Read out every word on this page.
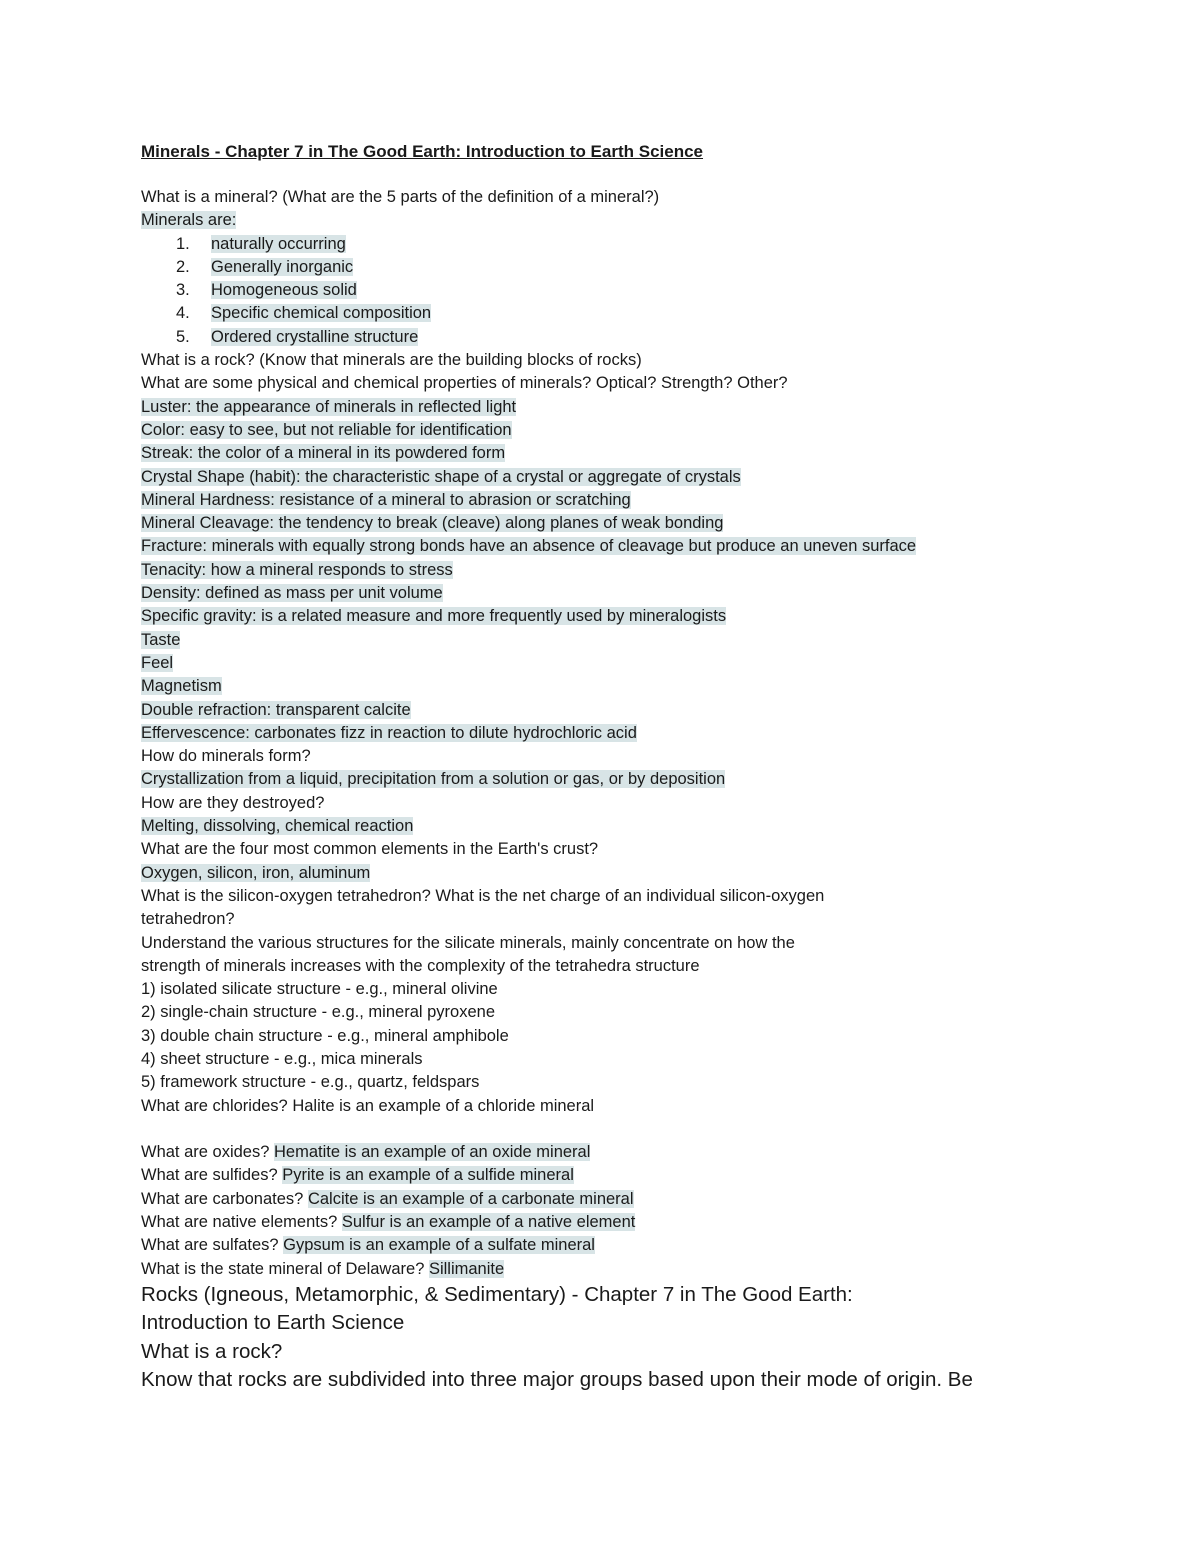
Minerals - Chapter 7 in The Good Earth: Introduction to Earth Science
What is a mineral? (What are the 5 parts of the definition of a mineral?)
Minerals are:
1. naturally occurring
2. Generally inorganic
3. Homogeneous solid
4. Specific chemical composition
5. Ordered crystalline structure
What is a rock? (Know that minerals are the building blocks of rocks)
What are some physical and chemical properties of minerals? Optical? Strength? Other?
Luster: the appearance of minerals in reflected light
Color: easy to see, but not reliable for identification
Streak: the color of a mineral in its powdered form
Crystal Shape (habit): the characteristic shape of a crystal or aggregate of crystals
Mineral Hardness: resistance of a mineral to abrasion or scratching
Mineral Cleavage: the tendency to break (cleave) along planes of weak bonding
Fracture: minerals with equally strong bonds have an absence of cleavage but produce an uneven surface
Tenacity: how a mineral responds to stress
Density: defined as mass per unit volume
Specific gravity: is a related measure and more frequently used by mineralogists
Taste
Feel
Magnetism
Double refraction: transparent calcite
Effervescence: carbonates fizz in reaction to dilute hydrochloric acid
How do minerals form?
Crystallization from a liquid, precipitation from a solution or gas, or by deposition
How are they destroyed?
Melting, dissolving, chemical reaction
What are the four most common elements in the Earth's crust?
Oxygen, silicon, iron, aluminum
What is the silicon-oxygen tetrahedron? What is the net charge of an individual silicon-oxygen
tetrahedron?
Understand the various structures for the silicate minerals, mainly concentrate on how the
strength of minerals increases with the complexity of the tetrahedra structure
1) isolated silicate structure - e.g., mineral olivine
2) single-chain structure - e.g., mineral pyroxene
3) double chain structure - e.g., mineral amphibole
4) sheet structure - e.g., mica minerals
5) framework structure - e.g., quartz, feldspars
What are chlorides? Halite is an example of a chloride mineral
What are oxides? Hematite is an example of an oxide mineral
What are sulfides? Pyrite is an example of a sulfide mineral
What are carbonates? Calcite is an example of a carbonate mineral
What are native elements? Sulfur is an example of a native element
What are sulfates? Gypsum is an example of a sulfate mineral
What is the state mineral of Delaware? Sillimanite
Rocks (Igneous, Metamorphic, & Sedimentary) - Chapter 7 in The Good Earth:
Introduction to Earth Science
What is a rock?
Know that rocks are subdivided into three major groups based upon their mode of origin. Be
